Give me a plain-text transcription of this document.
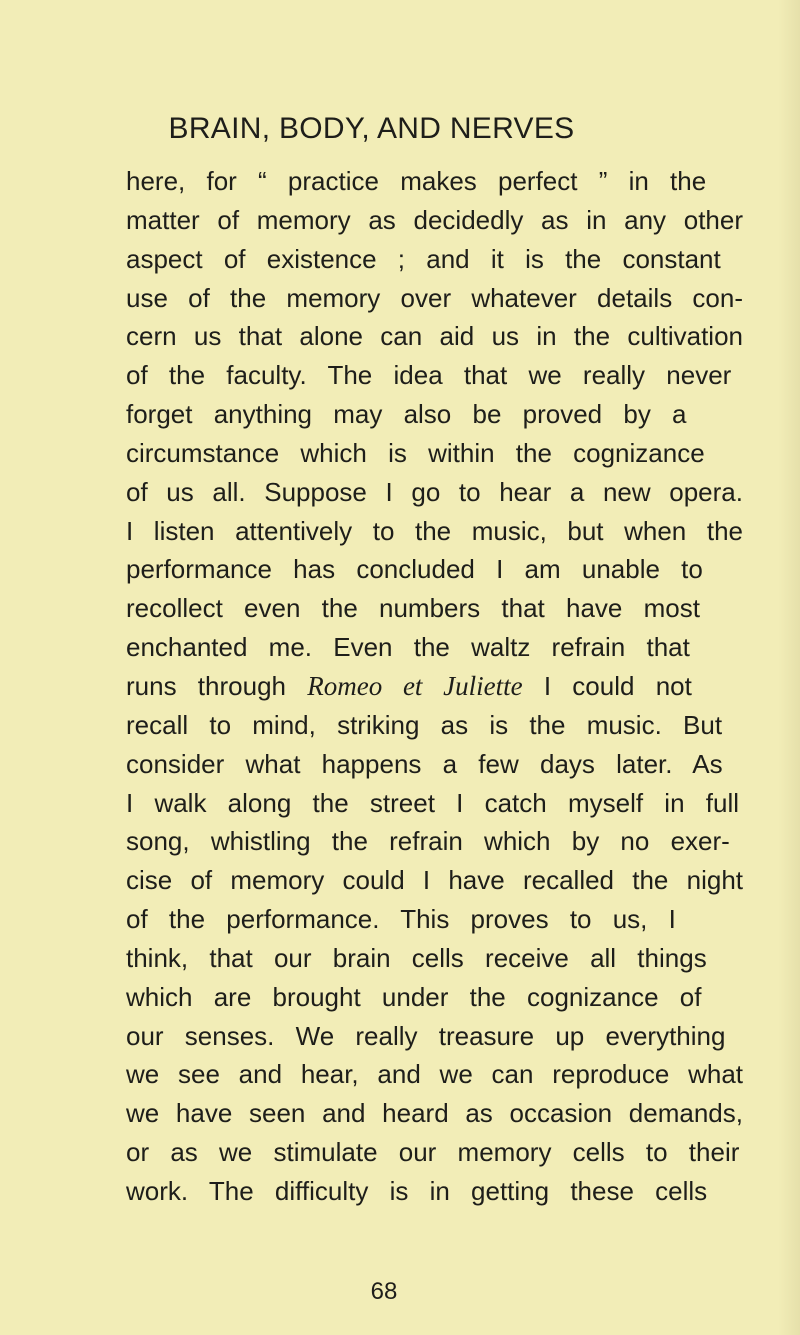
BRAIN, BODY, AND NERVES
here, for “ practice makes perfect ” in the
matter of memory as decidedly as in any other
aspect of existence ; and it is the constant
use of the memory over whatever details con-
cern us that alone can aid us in the cultivation
of the faculty. The idea that we really never
forget anything may also be proved by a
circumstance which is within the cognizance
of us all. Suppose I go to hear a new opera.
I listen attentively to the music, but when the
performance has concluded I am unable to
recollect even the numbers that have most
enchanted me. Even the waltz refrain that
runs through Romeo et Juliette I could not
recall to mind, striking as is the music. But
consider what happens a few days later. As
I walk along the street I catch myself in full
song, whistling the refrain which by no exer-
cise of memory could I have recalled the night
of the performance. This proves to us, I
think, that our brain cells receive all things
which are brought under the cognizance of
our senses. We really treasure up everything
we see and hear, and we can reproduce what
we have seen and heard as occasion demands,
or as we stimulate our memory cells to their
work. The difficulty is in getting these cells
68
